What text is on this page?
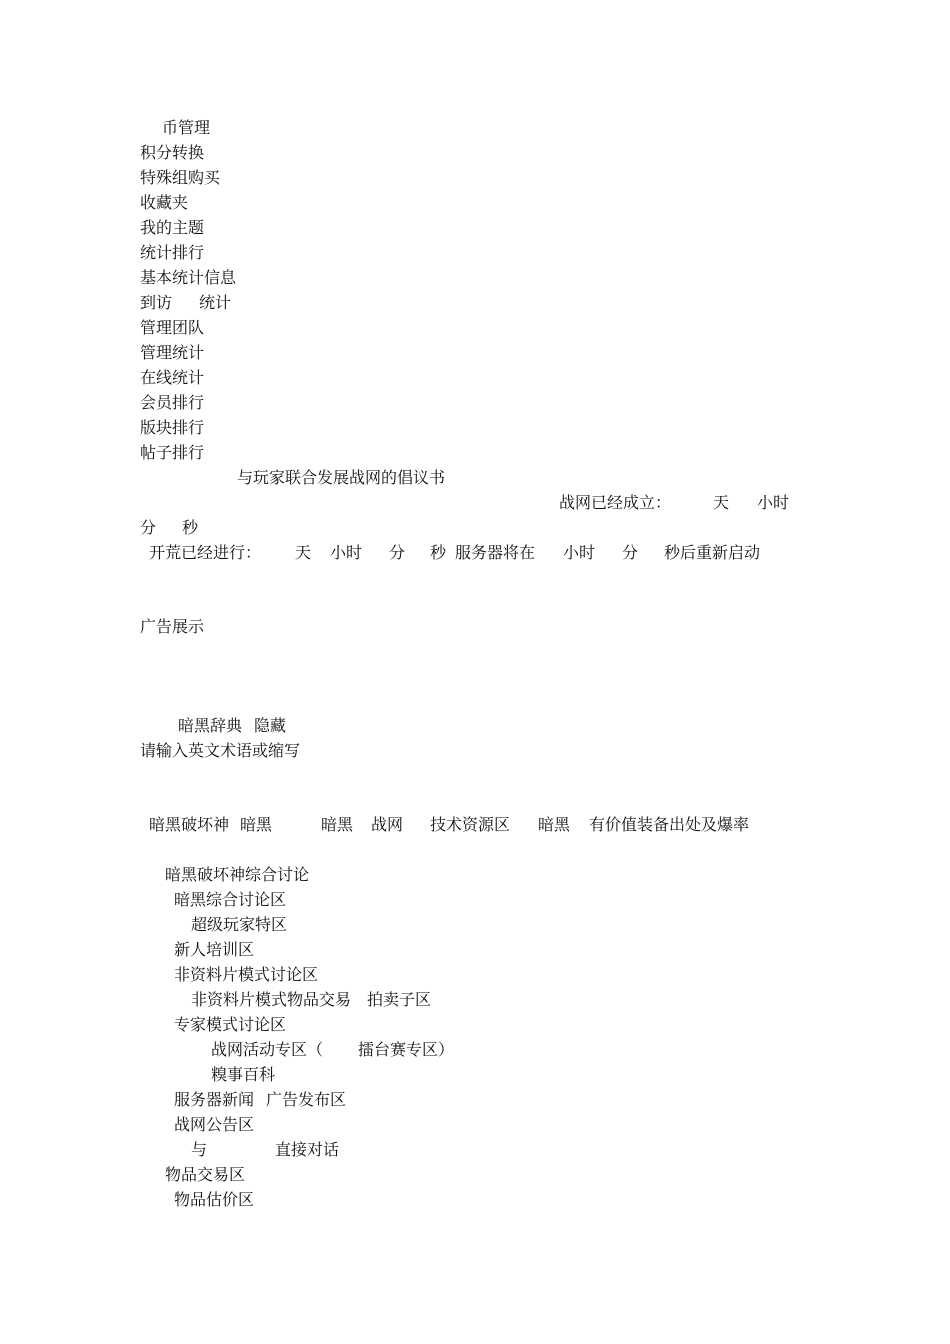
币管理
积分转换
特殊组购买
收藏夹
我的主题
统计排行
基本统计信息
到访 统计
管理团队
管理统计
在线统计
会员排行
版块排行
帖子排行
与玩家联合发展战网的倡议书
战网已经成立：	天 小时
分 秒
开荒已经进行： 天 小时 分 秒 服务器将在 小时 分 秒后重新启动
广告展示
暗黑辞典 隐藏
请输入英文术语或缩写
暗黑破坏神 暗黑	暗黑 战网 技术资源区 暗黑 有价值装备出处及爆率
暗黑破坏神综合讨论
暗黑综合讨论区
超级玩家特区
新人培训区
非资料片模式讨论区
非资料片模式物品交易 拍卖子区
专家模式讨论区
战网活动专区（ 擂台赛专区）
糗事百科
服务器新闻 广告发布区
战网公告区
与	直接对话
物品交易区
物品估价区
